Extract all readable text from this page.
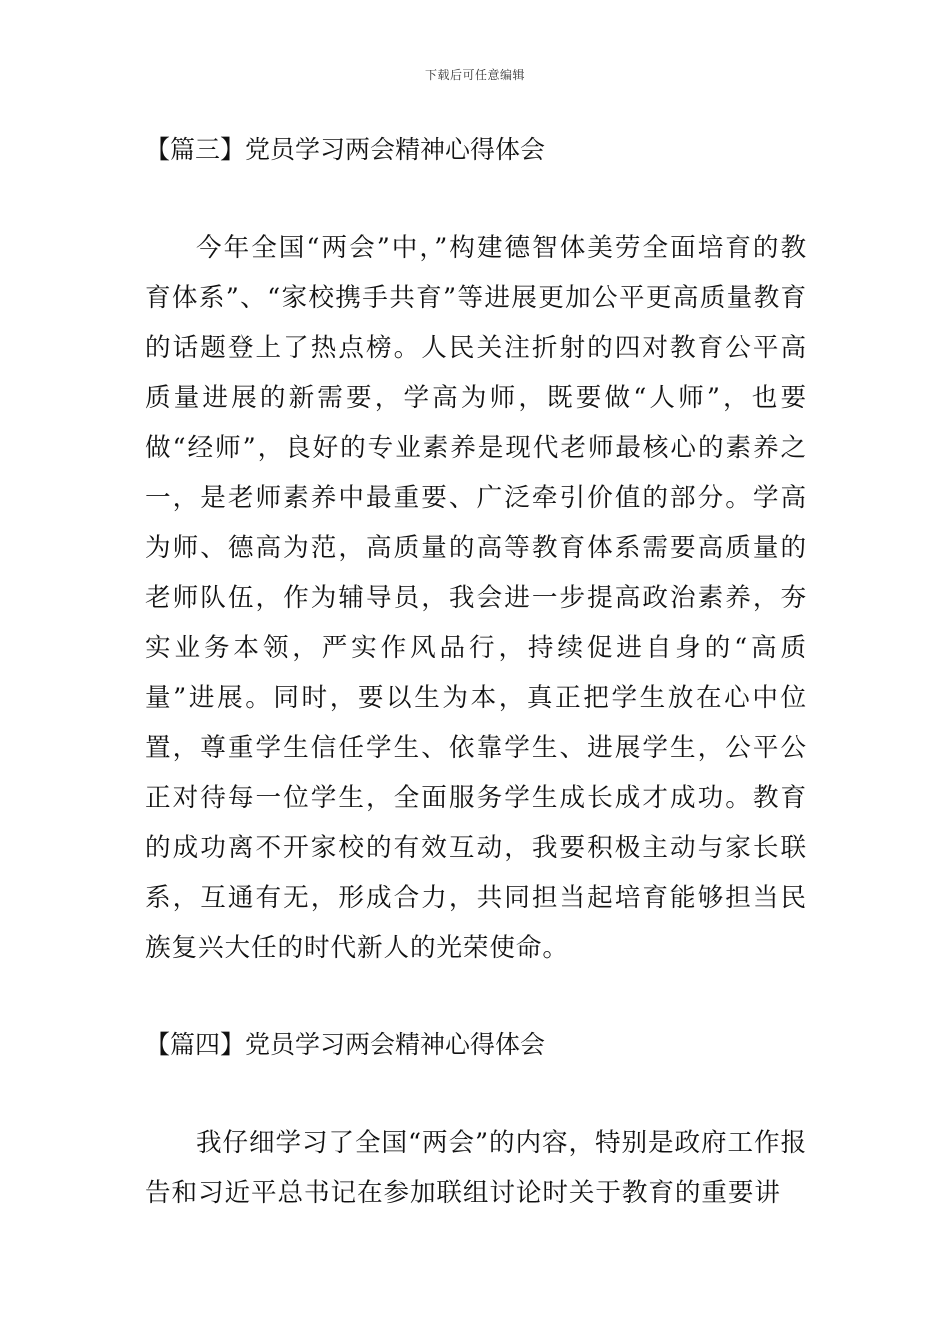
下载后可任意编辑
【篇三】党员学习两会精神心得体会
今年全国“两会”中，”构建德智体美劳全面培育的教育体系”、“家校携手共育”等进展更加公平更高质量教育的话题登上了热点榜。人民关注折射的四对教育公平高质量进展的新需要，学高为师，既要做“人师”，也要做“经师”，良好的专业素养是现代老师最核心的素养之一，是老师素养中最重要、广泛牵引价值的部分。学高为师、德高为范，高质量的高等教育体系需要高质量的老师队伍，作为辅导员，我会进一步提高政治素养，夯实业务本领，严实作风品行，持续促进自身的“高质量”进展。同时，要以生为本，真正把学生放在心中位置，尊重学生信任学生、依靠学生、进展学生，公平公正对待每一位学生，全面服务学生成长成才成功。教育的成功离不开家校的有效互动，我要积极主动与家长联系，互通有无，形成合力，共同担当起培育能够担当民族复兴大任的时代新人的光荣使命。
【篇四】党员学习两会精神心得体会
我仔细学习了全国“两会”的内容，特别是政府工作报告和习近平总书记在参加联组讨论时关于教育的重要讲
